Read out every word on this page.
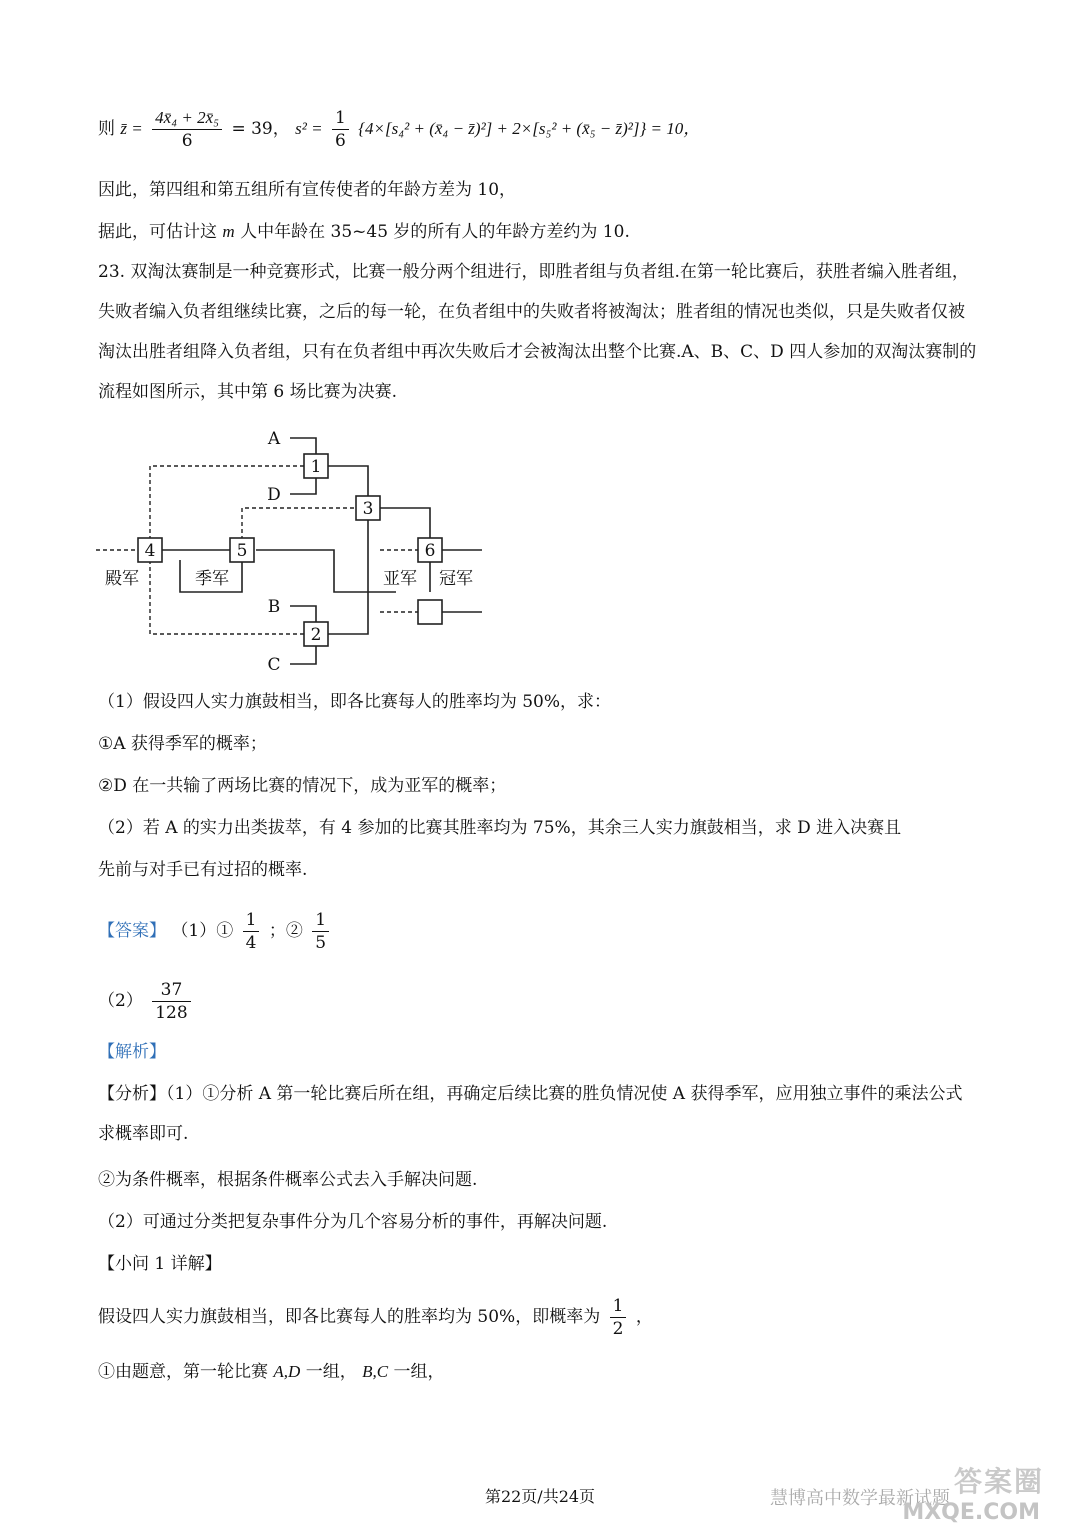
则 z̄ = $\frac{\text{4x̄₄ + 2x̄₅}}{6} = 39$， $s^2 = \frac{1}{6} \{4\times[s_4^2$ + (x̄₄ − z̄)²] + 2×[s₅² + (x̄₅ − z̄)²]} = 10，
因此，第四组和第五组所有宣传使者的年龄方差为 10，
据此，可估计这 m 人中年龄在 35~45 岁的所有人的年龄方差约为 10.
23. 双淘汰赛制是一种竞赛形式，比赛一般分两个组进行，即胜者组与负者组.在第一轮比赛后，获胜者编入胜者组，失败者编入负者组继续比赛，之后的每一轮，在负者组中的失败者将被淘汰；胜者组的情况也类似，只是失败者仅被淘汰出胜者组降入负者组，只有在负者组中再次失败后才会被淘汰出整个比赛.A、B、C、D 四人参加的双淘汰赛制的流程如图所示，其中第 6 场比赛为决赛.
A
D
B
C
1
2
3
4	5	6
殿军	季军	亚军 冠军
（1）假设四人实力旗鼓相当，即各比赛每人的胜率均为 50%，求：
①A 获得季军的概率；
②D 在一共输了两场比赛的情况下，成为亚军的概率；
（2）若 A 的实力出类拔萃，有 4 参加的比赛其胜率均为 75%，其余三人实力旗鼓相当，求 D 进入决赛且
先前与对手已有过招的概率.
【答案】 （1）① $\frac{1}{4}$ ；② $\frac{1}{5}$
$(2) \frac{37}{128}$
【解析】
【分析】（1）①分析 A 第一轮比赛后所在组，再确定后续比赛的胜负情况使 A 获得季军，应用独立事件的乘法公式求概率即可.
②为条件概率，根据条件概率公式去入手解决问题.
（2）可通过分类把复杂事件分为几个容易分析的事件，再解决问题.
【小问 1 详解】
假设四人实力旗鼓相当，即各比赛每人的胜率均为 50%，即概率为 $\frac{1}{2}$ ，
①由题意，第一轮比赛 A,D 一组， B,C 一组，
答案圈
慧博高中数学最新试题
MXQE.COM
第22页/共24页
